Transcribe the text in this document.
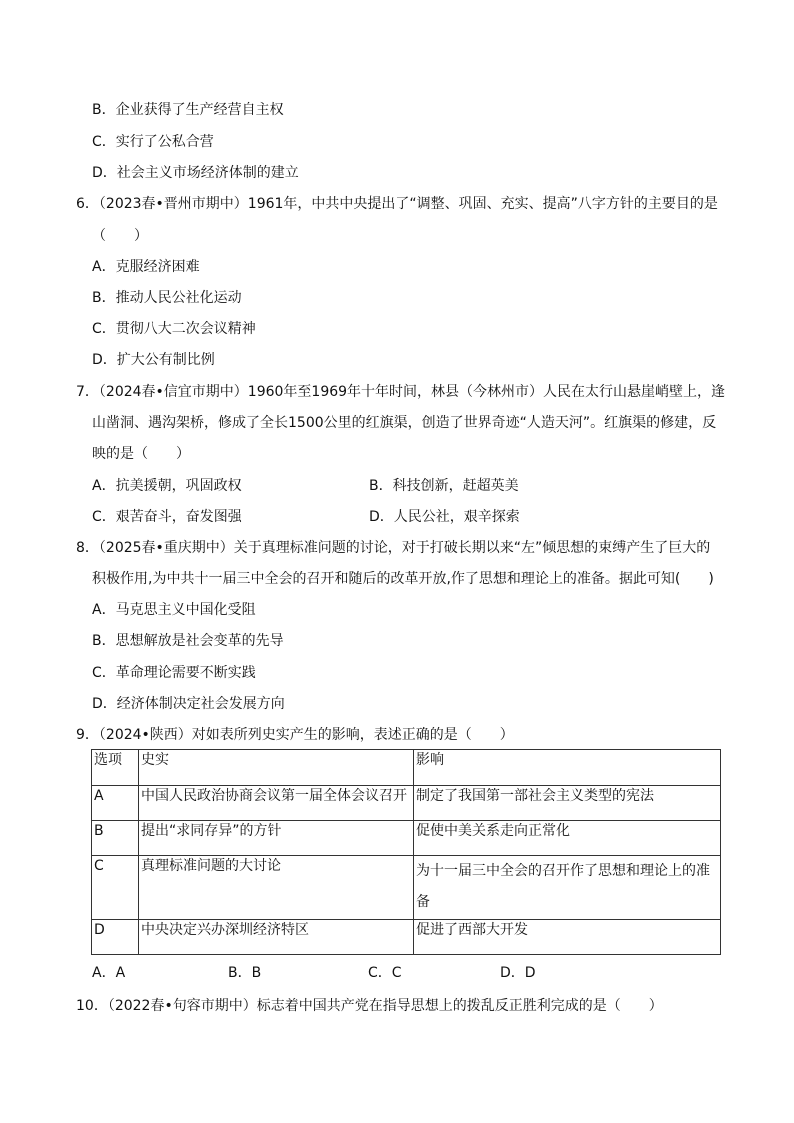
B．企业获得了生产经营自主权
C．实行了公私合营
D．社会主义市场经济体制的建立
6．（2023春•晋州市期中）1961年，中共中央提出了“调整、巩固、充实、提高”八字方针的主要目的是
（　　）
A．克服经济困难
B．推动人民公社化运动
C．贯彻八大二次会议精神
D．扩大公有制比例
7．（2024春•信宜市期中）1960年至1969年十年时间，林县（今林州市）人民在太行山悬崖峭壁上，逢
山凿洞、遇沟架桥，修成了全长1500公里的红旗渠，创造了世界奇迹“人造天河”。红旗渠的修建，反
映的是（　　）
A．抗美援朝，巩固政权	B．科技创新，赶超英美
C．艰苦奋斗，奋发图强	D．人民公社，艰辛探索
8．（2025春•重庆期中）关于真理标准问题的讨论，对于打破长期以来“左”倾思想的束缚产生了巨大的
积极作用,为中共十一届三中全会的召开和随后的改革开放,作了思想和理论上的准备。据此可知(　　)
A．马克思主义中国化受阻
B．思想解放是社会变革的先导
C．革命理论需要不断实践
D．经济体制决定社会发展方向
9．（2024•陕西）对如表所列史实产生的影响，表述正确的是（　　）
选项	史实	影响
A	中国人民政治协商会议第一届全体会议召开	制定了我国第一部社会主义类型的宪法
B	提出“求同存异”的方针	促使中美关系走向正常化
C	真理标准问题的大讨论	为十一届三中全会的召开作了思想和理论上的准备
D	中央决定兴办深圳经济特区	促进了西部大开发
A．A	B．B	C．C	D．D
10．（2022春•句容市期中）标志着中国共产党在指导思想上的拨乱反正胜利完成的是（　　）
